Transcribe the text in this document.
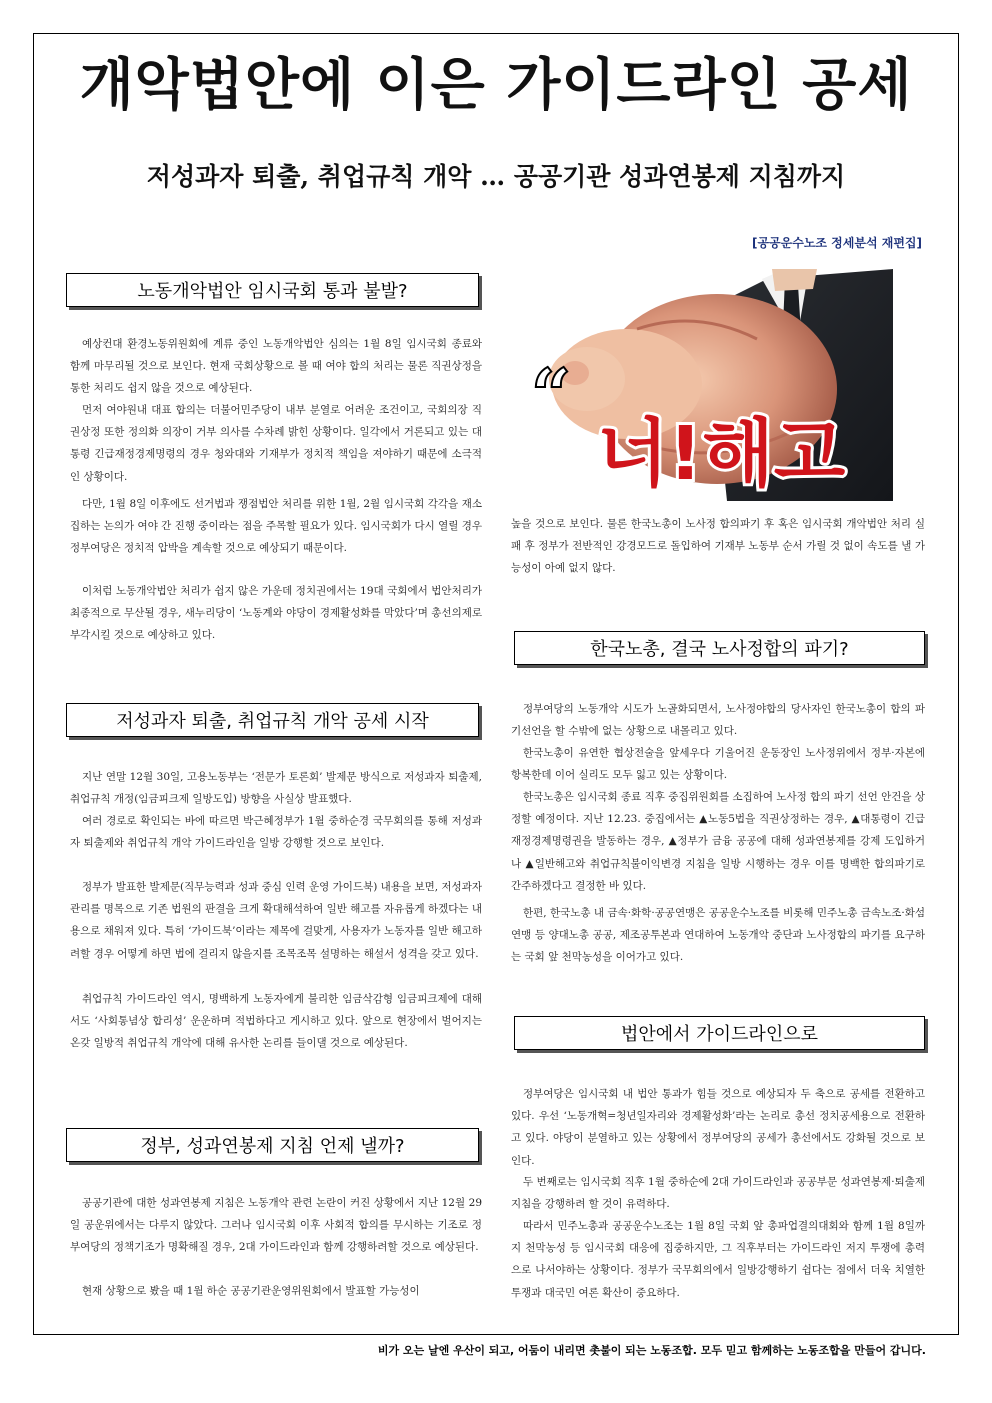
개악법안에 이은 가이드라인 공세
저성과자 퇴출, 취업규칙 개악 … 공공기관 성과연봉제 지침까지
[공공운수노조 정세분석 재편집]
노동개악법안 임시국회 통과 불발?

예상컨대 환경노동위원회에 계류 중인 노동개악법안 심의는 1월 8일 임시국회 종료와 함께 마무리될 것으로 보인다. 현재 국회상황으로 볼 때 여야 합의 처리는 물론 직권상정을 통한 처리도 쉽지 않을 것으로 예상된다.

먼저 여야원내 대표 합의는 더불어민주당이 내부 분열로 어려운 조건이고, 국회의장 직권상정 또한 정의화 의장이 거부 의사를 수차례 밝힌 상황이다. 일각에서 거론되고 있는 대통령 긴급재정경제명령의 경우 청와대와 기재부가 정치적 책임을 져야하기 때문에 소극적인 상황이다.

다만, 1월 8일 이후에도 선거법과 쟁점법안 처리를 위한 1월, 2월 임시국회 각각을 재소집하는 논의가 여야 간 진행 중이라는 점을 주목할 필요가 있다. 임시국회가 다시 열릴 경우 정부여당은 정치적 압박을 계속할 것으로 예상되기 때문이다.

이처럼 노동개악법안 처리가 쉽지 않은 가운데 정치권에서는 19대 국회에서 법안처리가 최종적으로 무산될 경우, 새누리당이 ‘노동계와 야당이 경제활성화를 막았다’며 총선의제로 부각시킬 것으로 예상하고 있다.

저성과자 퇴출, 취업규칙 개악 공세 시작

지난 연말 12월 30일, 고용노동부는 ‘전문가 토론회’ 발제문 방식으로 저성과자 퇴출제, 취업규칙 개정(임금피크제 일방도입) 방향을 사실상 발표했다.

여러 경로로 확인되는 바에 따르면 박근혜정부가 1월 중하순경 국무회의를 통해 저성과자 퇴출제와 취업규칙 개악 가이드라인을 일방 강행할 것으로 보인다.

정부가 발표한 발제문(직무능력과 성과 중심 인력 운영 가이드북) 내용을 보면, 저성과자 관리를 명목으로 기존 법원의 판결을 크게 확대해석하여 일반 해고를 자유롭게 하겠다는 내용으로 채워져 있다. 특히 ‘가이드북’이라는 제목에 걸맞게, 사용자가 노동자를 일반 해고하려할 경우 어떻게 하면 법에 걸리지 않을지를 조목조목 설명하는 해설서 성격을 갖고 있다.

취업규칙 가이드라인 역시, 명백하게 노동자에게 불리한 임금삭감형 임금피크제에 대해서도 ‘사회통념상 합리성’ 운운하며 적법하다고 게시하고 있다. 앞으로 현장에서 벌어지는 온갖 일방적 취업규칙 개악에 대해 유사한 논리를 들이댈 것으로 예상된다.

정부, 성과연봉제 지침 언제 낼까?

공공기관에 대한 성과연봉제 지침은 노동개악 관련 논란이 커진 상황에서 지난 12월 29일 공운위에서는 다루지 않았다. 그러나 임시국회 이후 사회적 합의를 무시하는 기조로 정부여당의 정책기조가 명확해질 경우, 2대 가이드라인과 함께 강행하려할 것으로 예상된다.

현재 상황으로 봤을 때 1월 하순 공공기관운영위원회에서 발표할 가능성이

“
너!해고

높을 것으로 보인다. 물론 한국노총이 노사정 합의파기 후 혹은 임시국회 개악법안 처리 실패 후 정부가 전반적인 강경모드로 돌입하여 기재부 노동부 순서 가릴 것 없이 속도를 낼 가능성이 아예 없지 않다.

한국노총, 결국 노사정합의 파기?

정부여당의 노동개악 시도가 노골화되면서, 노사정야합의 당사자인 한국노총이 합의 파기선언을 할 수밖에 없는 상황으로 내몰리고 있다.

한국노총이 유연한 협상전술을 앞세우다 기울어진 운동장인 노사정위에서 정부·자본에 항복한데 이어 실리도 모두 잃고 있는 상황이다.

한국노총은 임시국회 종료 직후 중집위원회를 소집하여 노사정 합의 파기 선언 안건을 상정할 예정이다. 지난 12.23. 중집에서는 ▲노동5법을 직권상정하는 경우, ▲대통령이 긴급재정경제명령권을 발동하는 경우, ▲정부가 금융 공공에 대해 성과연봉제를 강제 도입하거나 ▲일반해고와 취업규칙불이익변경 지침을 일방 시행하는 경우 이를 명백한 합의파기로 간주하겠다고 결정한 바 있다.

한편, 한국노총 내 금속·화학·공공연맹은 공공운수노조를 비롯해 민주노총 금속노조·화섬연맹 등 양대노총 공공, 제조공투본과 연대하여 노동개악 중단과 노사정합의 파기를 요구하는 국회 앞 천막농성을 이어가고 있다.

법안에서 가이드라인으로

정부여당은 임시국회 내 법안 통과가 힘들 것으로 예상되자 두 축으로 공세를 전환하고 있다. 우선 ‘노동개혁=청년일자리와 경제활성화’라는 논리로 총선 정치공세용으로 전환하고 있다. 야당이 분열하고 있는 상황에서 정부여당의 공세가 총선에서도 강화될 것으로 보인다.

두 번째로는 임시국회 직후 1월 중하순에 2대 가이드라인과 공공부문 성과연봉제·퇴출제 지침을 강행하려 할 것이 유력하다.

따라서 민주노총과 공공운수노조는 1월 8일 국회 앞 총파업결의대회와 함께 1월 8일까지 천막농성 등 임시국회 대응에 집중하지만, 그 직후부터는 가이드라인 저지 투쟁에 총력으로 나서야하는 상황이다. 정부가 국무회의에서 일방강행하기 쉽다는 점에서 더욱 치열한 투쟁과 대국민 여론 확산이 중요하다.

비가 오는 날엔 우산이 되고, 어둠이 내리면 촛불이 되는 노동조합. 모두 믿고 함께하는 노동조합을 만들어 갑니다.
